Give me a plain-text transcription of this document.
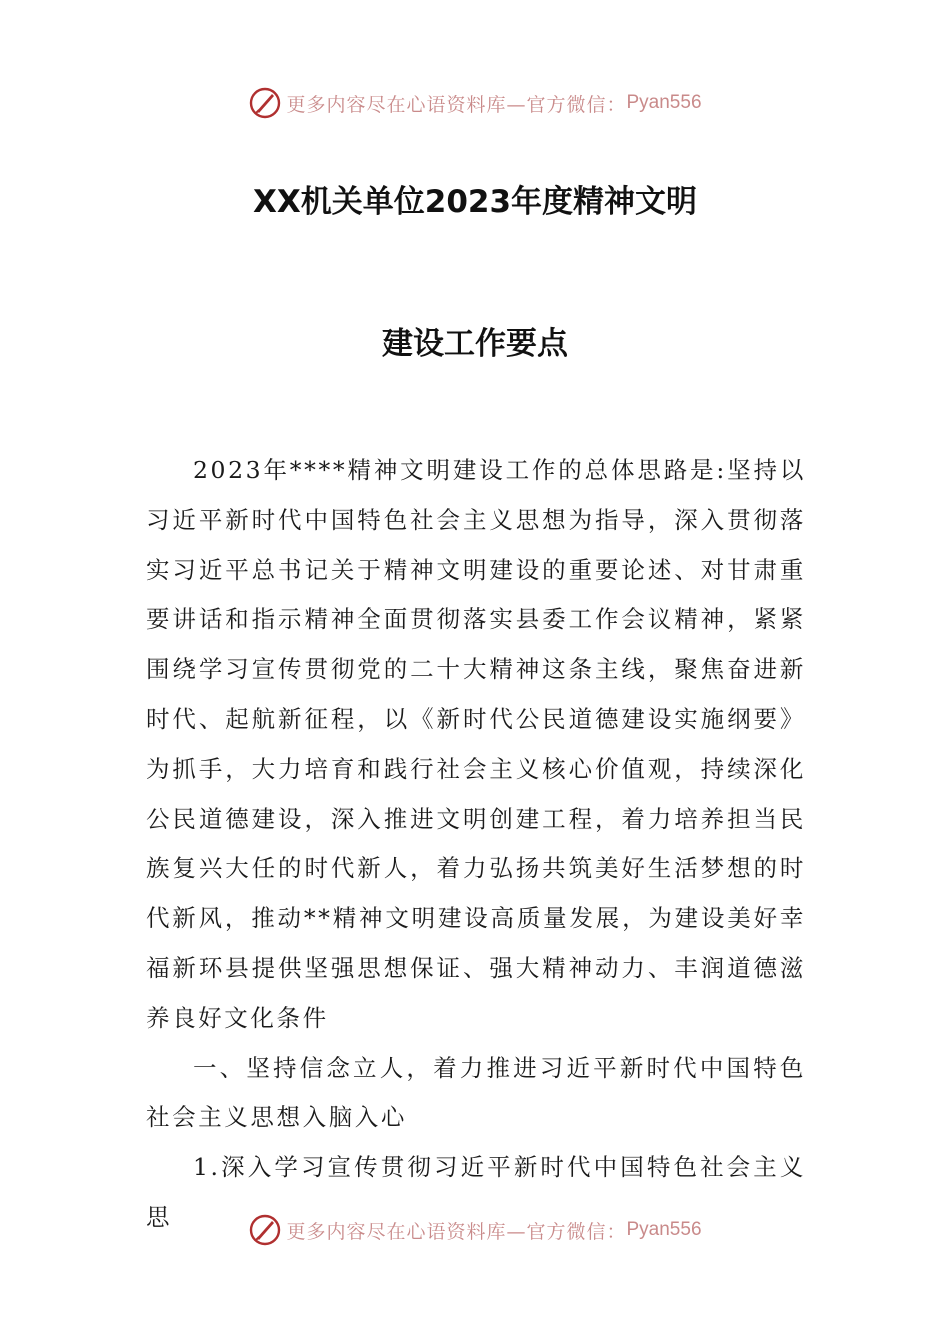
更多内容尽在心语资料库—官方微信： Pyan556
XX机关单位2023年度精神文明
建设工作要点

2023年****精神文明建设工作的总体思路是:坚持以习近平新时代中国特色社会主义思想为指导，深入贯彻落实习近平总书记关于精神文明建设的重要论述、对甘肃重要讲话和指示精神全面贯彻落实县委工作会议精神，紧紧围绕学习宣传贯彻党的二十大精神这条主线，聚焦奋进新时代、起航新征程，以《新时代公民道德建设实施纲要》为抓手，大力培育和践行社会主义核心价值观，持续深化公民道德建设，深入推进文明创建工程，着力培养担当民族复兴大任的时代新人，着力弘扬共筑美好生活梦想的时代新风，推动**精神文明建设高质量发展，为建设美好幸福新环县提供坚强思想保证、强大精神动力、丰润道德滋养良好文化条件

一、坚持信念立人，着力推进习近平新时代中国特色社会主义思想入脑入心

1.深入学习宣传贯彻习近平新时代中国特色社会主义思

更多内容尽在心语资料库—官方微信： Pyan556
